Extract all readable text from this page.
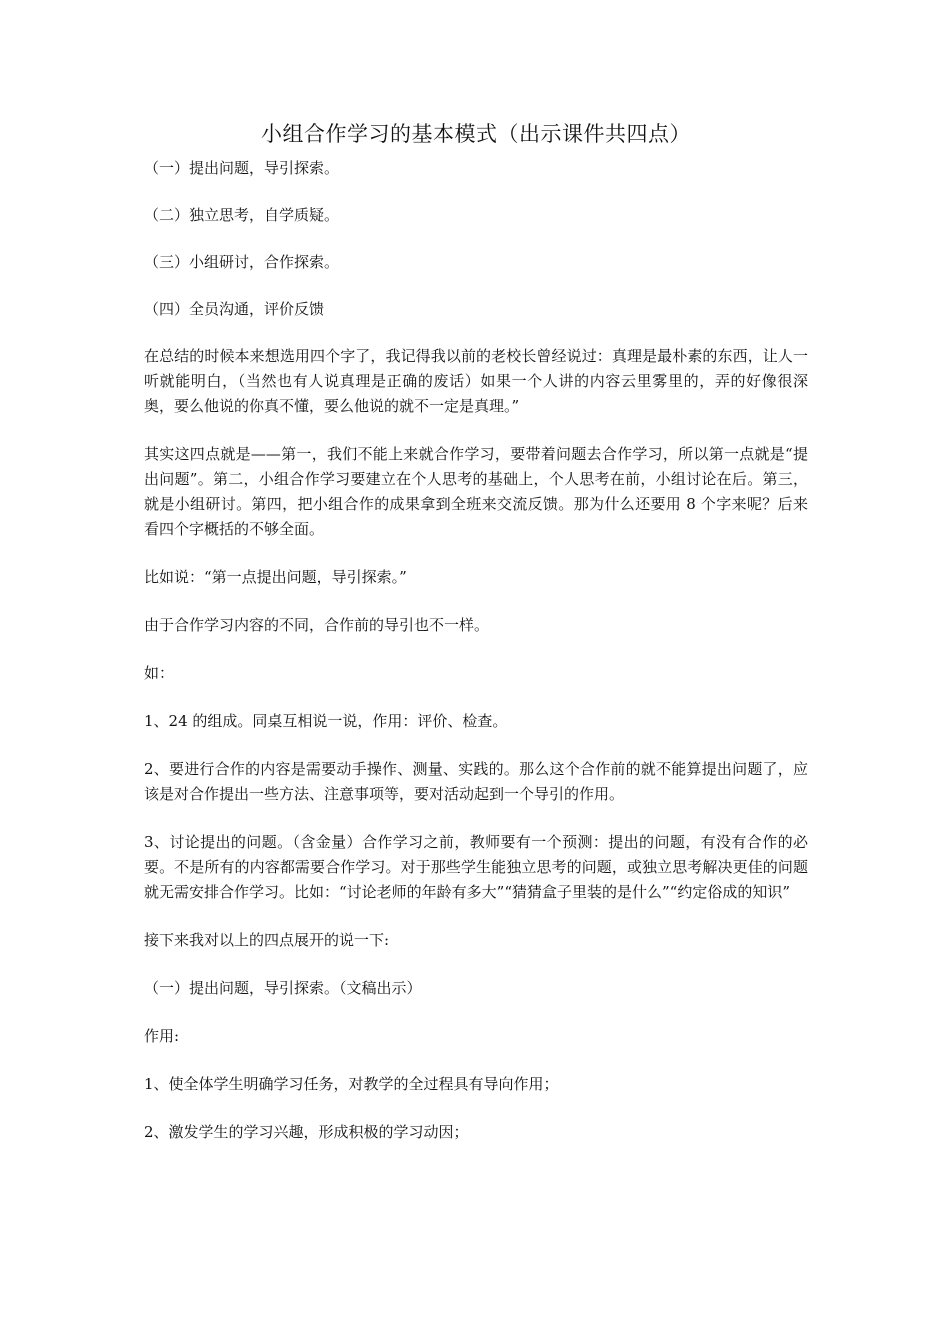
小组合作学习的基本模式（出示课件共四点）

（一）提出问题，导引探索。

（二）独立思考，自学质疑。

（三）小组研讨，合作探索。

（四）全员沟通，评价反馈

在总结的时候本来想选用四个字了，我记得我以前的老校长曾经说过：真理是最朴素的东西，让人一听就能明白，（当然也有人说真理是正确的废话）如果一个人讲的内容云里雾里的，弄的好像很深奥，要么他说的你真不懂，要么他说的就不一定是真理。”

其实这四点就是——第一，我们不能上来就合作学习，要带着问题去合作学习，所以第一点就是“提出问题”。第二，小组合作学习要建立在个人思考的基础上，个人思考在前，小组讨论在后。第三，就是小组研讨。第四，把小组合作的成果拿到全班来交流反馈。那为什么还要用 8 个字来呢？后来看四个字概括的不够全面。

比如说：“第一点提出问题，导引探索。”

由于合作学习内容的不同，合作前的导引也不一样。

如：

1、24 的组成。同桌互相说一说，作用：评价、检查。

2、要进行合作的内容是需要动手操作、测量、实践的。那么这个合作前的就不能算提出问题了，应该是对合作提出一些方法、注意事项等，要对活动起到一个导引的作用。

3、讨论提出的问题。（含金量）合作学习之前，教师要有一个预测：提出的问题，有没有合作的必要。不是所有的内容都需要合作学习。对于那些学生能独立思考的问题，或独立思考解决更佳的问题就无需安排合作学习。比如：“讨论老师的年龄有多大”“猜猜盒子里装的是什么”“约定俗成的知识”

接下来我对以上的四点展开的说一下:

（一）提出问题，导引探索。（文稿出示）

作用:

1、使全体学生明确学习任务，对教学的全过程具有导向作用；

2、激发学生的学习兴趣，形成积极的学习动因；
